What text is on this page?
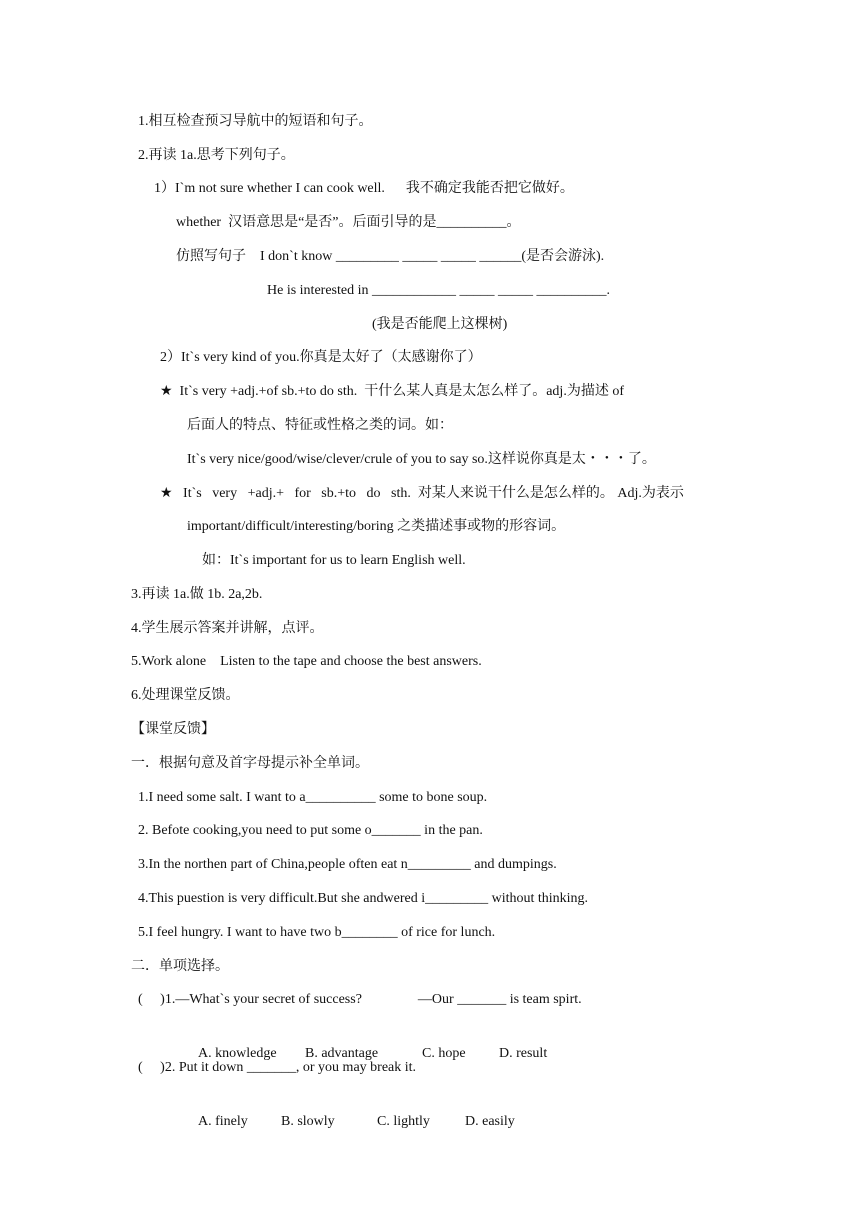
1.相互检查预习导航中的短语和句子。
2.再读 1a.思考下列句子。
1）I`m not sure whether I can cook well.      我不确定我能否把它做好。
whether  汉语意思是“是否”。后面引导的是__________。
仿照写句子    I don`t know _________ _____ _____ ______(是否会游泳).
He is interested in ____________ _____ _____ __________.
(我是否能爬上这棵树)
2）It`s very kind of you.你真是太好了（太感谢你了）
★  It`s very +adj.+of sb.+to do sth.  干什么某人真是太怎么样了。adj.为描述 of
后面人的特点、特征或性格之类的词。如：
It`s very nice/good/wise/clever/crule of you to say so.这样说你真是太・・・了。
★   It`s   very   +adj.+   for   sb.+to   do   sth.  对某人来说干什么是怎么样的。 Adj.为表示
important/difficult/interesting/boring 之类描述事或物的形容词。
如：It`s important for us to learn English well.
3.再读 1a.做 1b. 2a,2b.
4.学生展示答案并讲解，点评。
5.Work alone    Listen to the tape and choose the best answers.
6.处理课堂反馈。
【课堂反馈】
一．根据句意及首字母提示补全单词。
1.I need some salt. I want to a__________ some to bone soup.
2. Befote cooking,you need to put some o_______ in the pan.
3.In the northen part of China,people often eat n_________ and dumpings.
4.This puestion is very difficult.But she andwered i_________ without thinking.
5.I feel hungry. I want to have two b________ of rice for lunch.
二．单项选择。
(     )1.—What`s your secret of success?                —Our _______ is team spirt.

A. knowledge B. advantage	C. hope D. result

(     )2. Put it down _______, or you may break it.

A. finely B. slowly	C. lightly	D. easily
